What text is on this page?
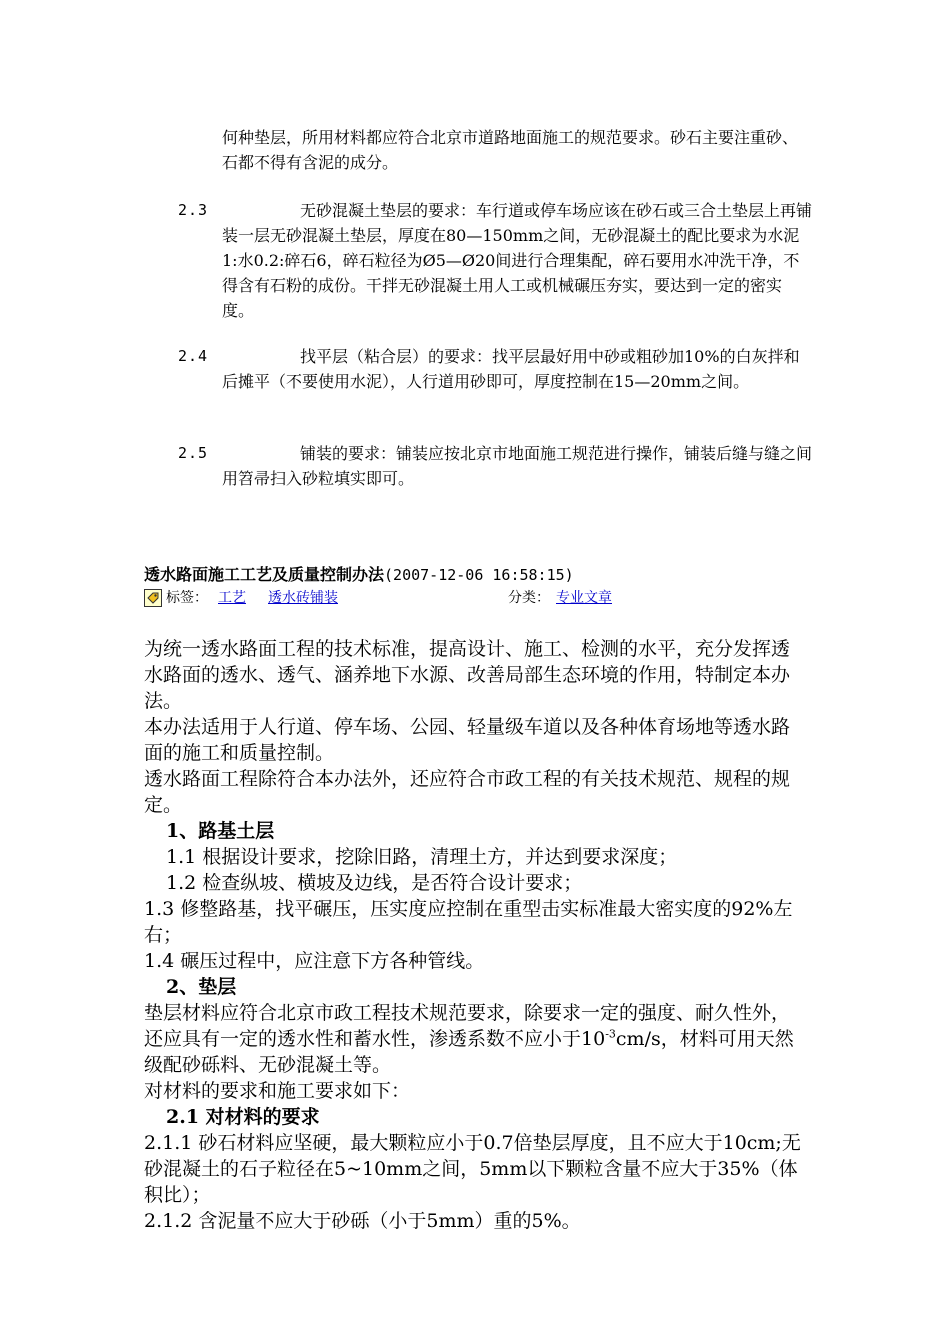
何种垫层，所用材料都应符合北京市道路地面施工的规范要求。砂石主要注重砂、石都不得有含泥的成分。
2.3	无砂混凝土垫层的要求：车行道或停车场应该在砂石或三合土垫层上再铺装一层无砂混凝土垫层，厚度在80—150mm之间，无砂混凝土的配比要求为水泥1:水0.2:碎石6，碎石粒径为Ø5—Ø20间进行合理集配，碎石要用水冲洗干净，不得含有石粉的成份。干拌无砂混凝土用人工或机械碾压夯实，要达到一定的密实度。
2.4	找平层（粘合层）的要求：找平层最好用中砂或粗砂加10%的白灰拌和后摊平（不要使用水泥），人行道用砂即可，厚度控制在15—20mm之间。
2.5	铺装的要求：铺装应按北京市地面施工规范进行操作，铺装后缝与缝之间用笤帚扫入砂粒填实即可。
透水路面施工工艺及质量控制办法(2007-12-06 16:58:15)
标签： 工艺 透水砖铺装	分类： 专业文章

为统一透水路面工程的技术标准，提高设计、施工、检测的水平，充分发挥透水路面的透水、透气、涵养地下水源、改善局部生态环境的作用，特制定本办法。

本办法适用于人行道、停车场、公园、轻量级车道以及各种体育场地等透水路面的施工和质量控制。

透水路面工程除符合本办法外，还应符合市政工程的有关技术规范、规程的规定。

1、路基土层

1.1 根据设计要求，挖除旧路，清理土方，并达到要求深度；

1.2 检查纵坡、横坡及边线，是否符合设计要求；

1.3 修整路基，找平碾压，压实度应控制在重型击实标准最大密实度的92%左右；

1.4 碾压过程中，应注意下方各种管线。

2、垫层

垫层材料应符合北京市政工程技术规范要求，除要求一定的强度、耐久性外，还应具有一定的透水性和蓄水性，渗透系数不应小于$10^{-3}cm/s$，材料可用天然级配砂砾料、无砂混凝土等。

对材料的要求和施工要求如下：

2.1 对材料的要求

2.1.1 砂石材料应坚硬，最大颗粒应小于0.7倍垫层厚度，且不应大于10cm;无砂混凝土的石子粒径在5~10mm之间，5mm以下颗粒含量不应大于35%（体积比）；

2.1.2 含泥量不应大于砂砾（小于5mm）重的5%。
